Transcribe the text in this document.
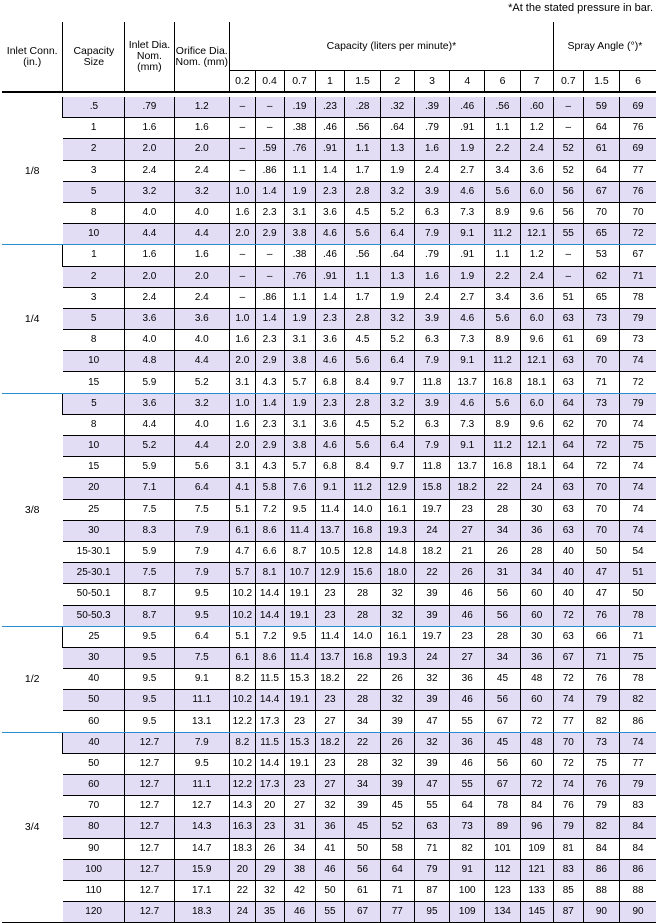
*At the stated pressure in bar.
Inlet Conn. (in.)	Capacity Size	Inlet Dia. Nom. (mm)	Orifice Dia. Nom. (mm)	Capacity (liters per minute)*										Spray Angle (°)*		
				0.2	0.4	0.7	1	1.5	2	3	4	6	7	0.7	1.5	6

1/8	.5	.79	1.2	–	–	.19	.23	.28	.32	.39	.46	.56	.60	–	59	69
	1	1.6	1.6	–	–	.38	.46	.56	.64	.79	.91	1.1	1.2	–	64	76
	2	2.0	2.0	–	.59	.76	.91	1.1	1.3	1.6	1.9	2.2	2.4	52	61	69
	3	2.4	2.4	–	.86	1.1	1.4	1.7	1.9	2.4	2.7	3.4	3.6	52	64	77
	5	3.2	3.2	1.0	1.4	1.9	2.3	2.8	3.2	3.9	4.6	5.6	6.0	56	67	76
	8	4.0	4.0	1.6	2.3	3.1	3.6	4.5	5.2	6.3	7.3	8.9	9.6	56	70	70
	10	4.4	4.4	2.0	2.9	3.8	4.6	5.6	6.4	7.9	9.1	11.2	12.1	55	65	72
1/4	1	1.6	1.6	–	–	.38	.46	.56	.64	.79	.91	1.1	1.2	–	53	67
	2	2.0	2.0	–	–	.76	.91	1.1	1.3	1.6	1.9	2.2	2.4	–	62	71
	3	2.4	2.4	–	.86	1.1	1.4	1.7	1.9	2.4	2.7	3.4	3.6	51	65	78
	5	3.6	3.6	1.0	1.4	1.9	2.3	2.8	3.2	3.9	4.6	5.6	6.0	63	73	79
	8	4.0	4.0	1.6	2.3	3.1	3.6	4.5	5.2	6.3	7.3	8.9	9.6	61	69	73
	10	4.8	4.4	2.0	2.9	3.8	4.6	5.6	6.4	7.9	9.1	11.2	12.1	63	70	74
	15	5.9	5.2	3.1	4.3	5.7	6.8	8.4	9.7	11.8	13.7	16.8	18.1	63	71	72
3/8	5	3.6	3.2	1.0	1.4	1.9	2.3	2.8	3.2	3.9	4.6	5.6	6.0	64	73	79
	8	4.4	4.0	1.6	2.3	3.1	3.6	4.5	5.2	6.3	7.3	8.9	9.6	62	70	74
	10	5.2	4.4	2.0	2.9	3.8	4.6	5.6	6.4	7.9	9.1	11.2	12.1	64	72	75
	15	5.9	5.6	3.1	4.3	5.7	6.8	8.4	9.7	11.8	13.7	16.8	18.1	64	72	74
	20	7.1	6.4	4.1	5.8	7.6	9.1	11.2	12.9	15.8	18.2	22	24	63	70	74
	25	7.5	7.5	5.1	7.2	9.5	11.4	14.0	16.1	19.7	23	28	30	63	70	74
	30	8.3	7.9	6.1	8.6	11.4	13.7	16.8	19.3	24	27	34	36	63	70	74
	15-30.1	5.9	7.9	4.7	6.6	8.7	10.5	12.8	14.8	18.2	21	26	28	40	50	54
	25-30.1	7.5	7.9	5.7	8.1	10.7	12.9	15.6	18.0	22	26	31	34	40	47	51
	50-50.1	8.7	9.5	10.2	14.4	19.1	23	28	32	39	46	56	60	40	47	50
	50-50.3	8.7	9.5	10.2	14.4	19.1	23	28	32	39	46	56	60	72	76	78
1/2	25	9.5	6.4	5.1	7.2	9.5	11.4	14.0	16.1	19.7	23	28	30	63	66	71
	30	9.5	7.5	6.1	8.6	11.4	13.7	16.8	19.3	24	27	34	36	67	71	75
	40	9.5	9.1	8.2	11.5	15.3	18.2	22	26	32	36	45	48	72	76	78
	50	9.5	11.1	10.2	14.4	19.1	23	28	32	39	46	56	60	74	79	82
	60	9.5	13.1	12.2	17.3	23	27	34	39	47	55	67	72	77	82	86
3/4	40	12.7	7.9	8.2	11.5	15.3	18.2	22	26	32	36	45	48	70	73	74
	50	12.7	9.5	10.2	14.4	19.1	23	28	32	39	46	56	60	72	75	77
	60	12.7	11.1	12.2	17.3	23	27	34	39	47	55	67	72	74	76	79
	70	12.7	12.7	14.3	20	27	32	39	45	55	64	78	84	76	79	83
	80	12.7	14.3	16.3	23	31	36	45	52	63	73	89	96	79	82	84
	90	12.7	14.7	18.3	26	34	41	50	58	71	82	101	109	81	84	84
	100	12.7	15.9	20	29	38	46	56	64	79	91	112	121	83	86	86
	110	12.7	17.1	22	32	42	50	61	71	87	100	123	133	85	88	88
	120	12.7	18.3	24	35	46	55	67	77	95	109	134	145	87	90	90
